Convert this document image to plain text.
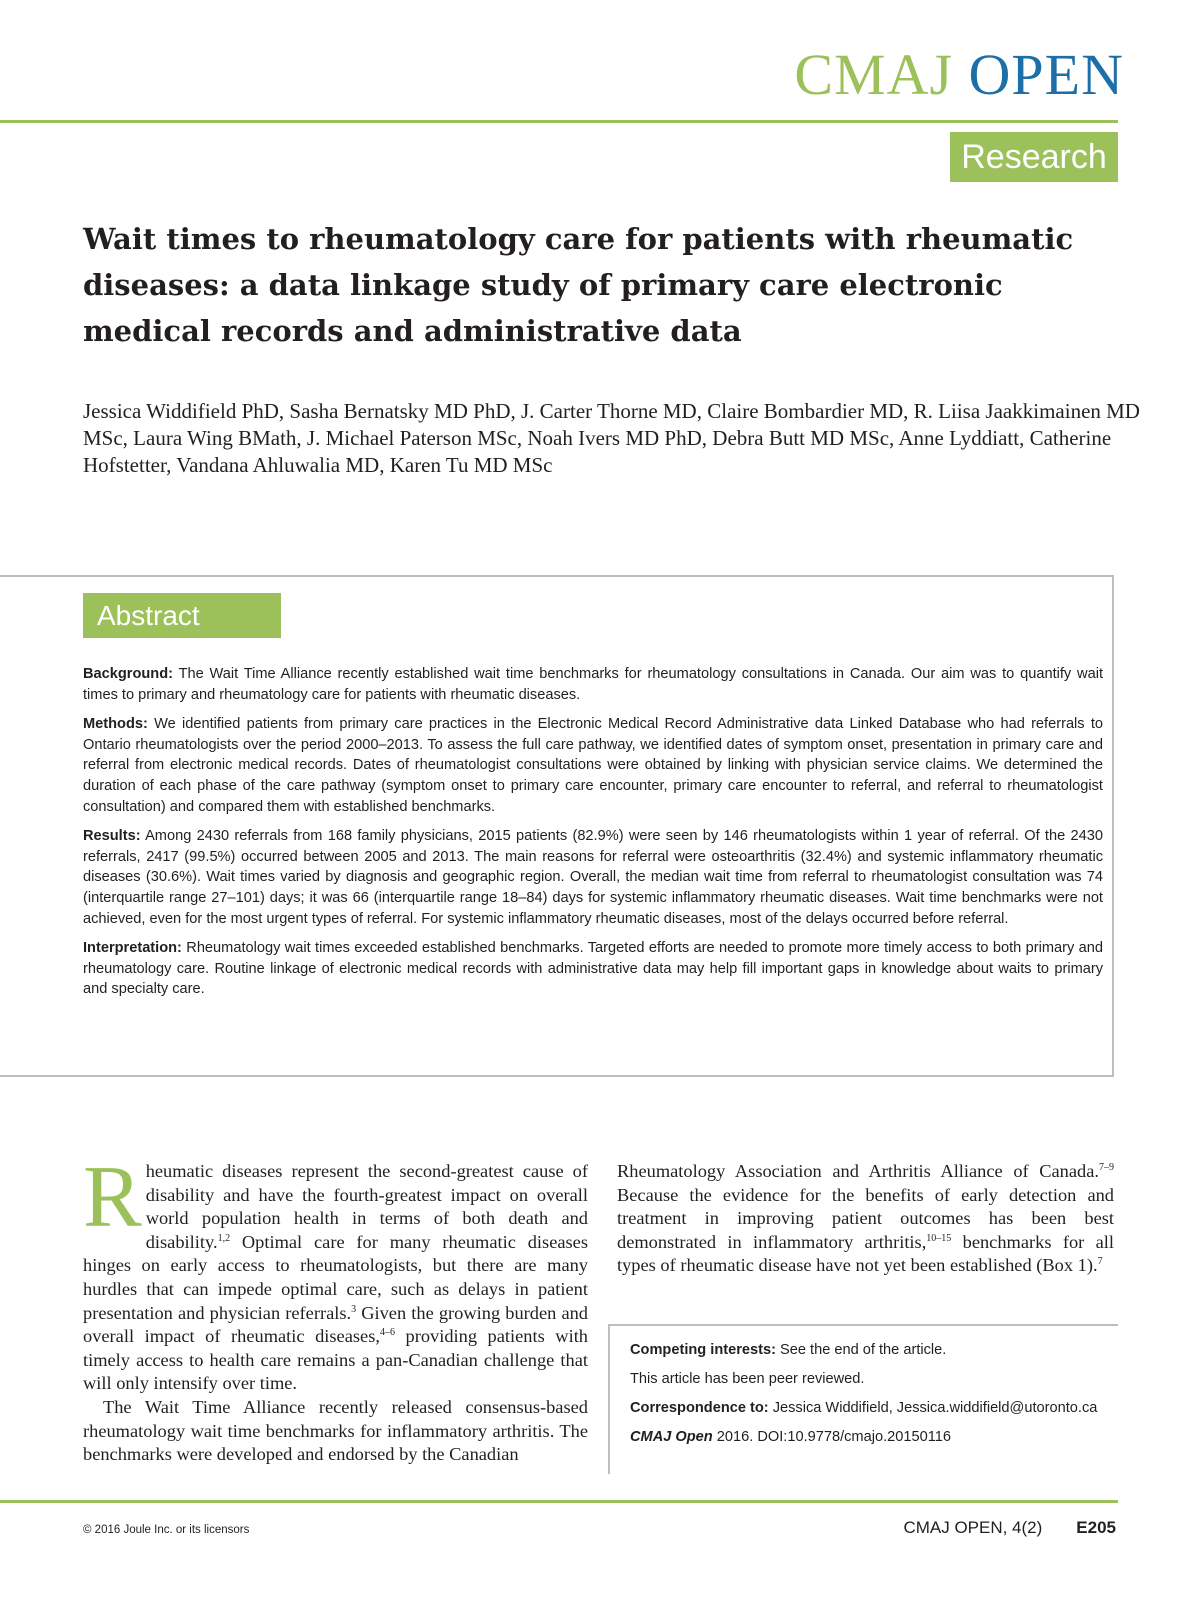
CMAJ OPEN
Research
Wait times to rheumatology care for patients with rheumatic diseases: a data linkage study of primary care electronic medical records and administrative data
Jessica Widdifield PhD, Sasha Bernatsky MD PhD, J. Carter Thorne MD, Claire Bombardier MD, R. Liisa Jaakkimainen MD MSc, Laura Wing BMath, J. Michael Paterson MSc, Noah Ivers MD PhD, Debra Butt MD MSc, Anne Lyddiatt, Catherine Hofstetter, Vandana Ahluwalia MD, Karen Tu MD MSc
Abstract

Background: The Wait Time Alliance recently established wait time benchmarks for rheumatology consultations in Canada. Our aim was to quantify wait times to primary and rheumatology care for patients with rheumatic diseases.

Methods: We identified patients from primary care practices in the Electronic Medical Record Administrative data Linked Database who had referrals to Ontario rheumatologists over the period 2000–2013. To assess the full care pathway, we identified dates of symptom onset, presentation in primary care and referral from electronic medical records. Dates of rheumatologist consultations were obtained by linking with physician service claims. We determined the duration of each phase of the care pathway (symptom onset to primary care encounter, primary care encounter to referral, and referral to rheumatologist consultation) and compared them with established benchmarks.

Results: Among 2430 referrals from 168 family physicians, 2015 patients (82.9%) were seen by 146 rheumatologists within 1 year of referral. Of the 2430 referrals, 2417 (99.5%) occurred between 2005 and 2013. The main reasons for referral were osteoarthritis (32.4%) and systemic inflammatory rheumatic diseases (30.6%). Wait times varied by diagnosis and geographic region. Overall, the median wait time from referral to rheumatologist consultation was 74 (interquartile range 27–101) days; it was 66 (interquartile range 18–84) days for systemic inflammatory rheumatic diseases. Wait time benchmarks were not achieved, even for the most urgent types of referral. For systemic inflammatory rheumatic diseases, most of the delays occurred before referral.

Interpretation: Rheumatology wait times exceeded established benchmarks. Targeted efforts are needed to promote more timely access to both primary and rheumatology care. Routine linkage of electronic medical records with administrative data may help fill important gaps in knowledge about waits to primary and specialty care.

Rheumatic diseases represent the second-greatest cause of disability and have the fourth-greatest impact on overall world population health in terms of both death and disability.$^{1,2}$ Optimal care for many rheumatic diseases hinges on early access to rheumatologists, but there are many hurdles that can impede optimal care, such as delays in patient presentation and physician referrals.$^3$ Given the growing burden and overall impact of rheumatic diseases,$^{4-6}$ providing patients with timely access to health care remains a pan-Canadian challenge that will only intensify over time.

The Wait Time Alliance recently released consensus-based rheumatology wait time benchmarks for inflammatory arthritis. The benchmarks were developed and endorsed by the Canadian

Rheumatology Association and Arthritis Alliance of Canada.$^{7-9}$ Because the evidence for the benefits of early detection and treatment in improving patient outcomes has been best demonstrated in inflammatory arthritis,$^{10-15}$ benchmarks for all types of rheumatic disease have not yet been established (Box 1).$^7$

Competing interests: See the end of the article.

This article has been peer reviewed.

Correspondence to: Jessica Widdifield, Jessica.widdifield@utoronto.ca

CMAJ Open 2016. DOI:10.9778/cmajo.20150116

© 2016 Joule Inc. or its licensors	CMAJ OPEN, 4(2) E205
